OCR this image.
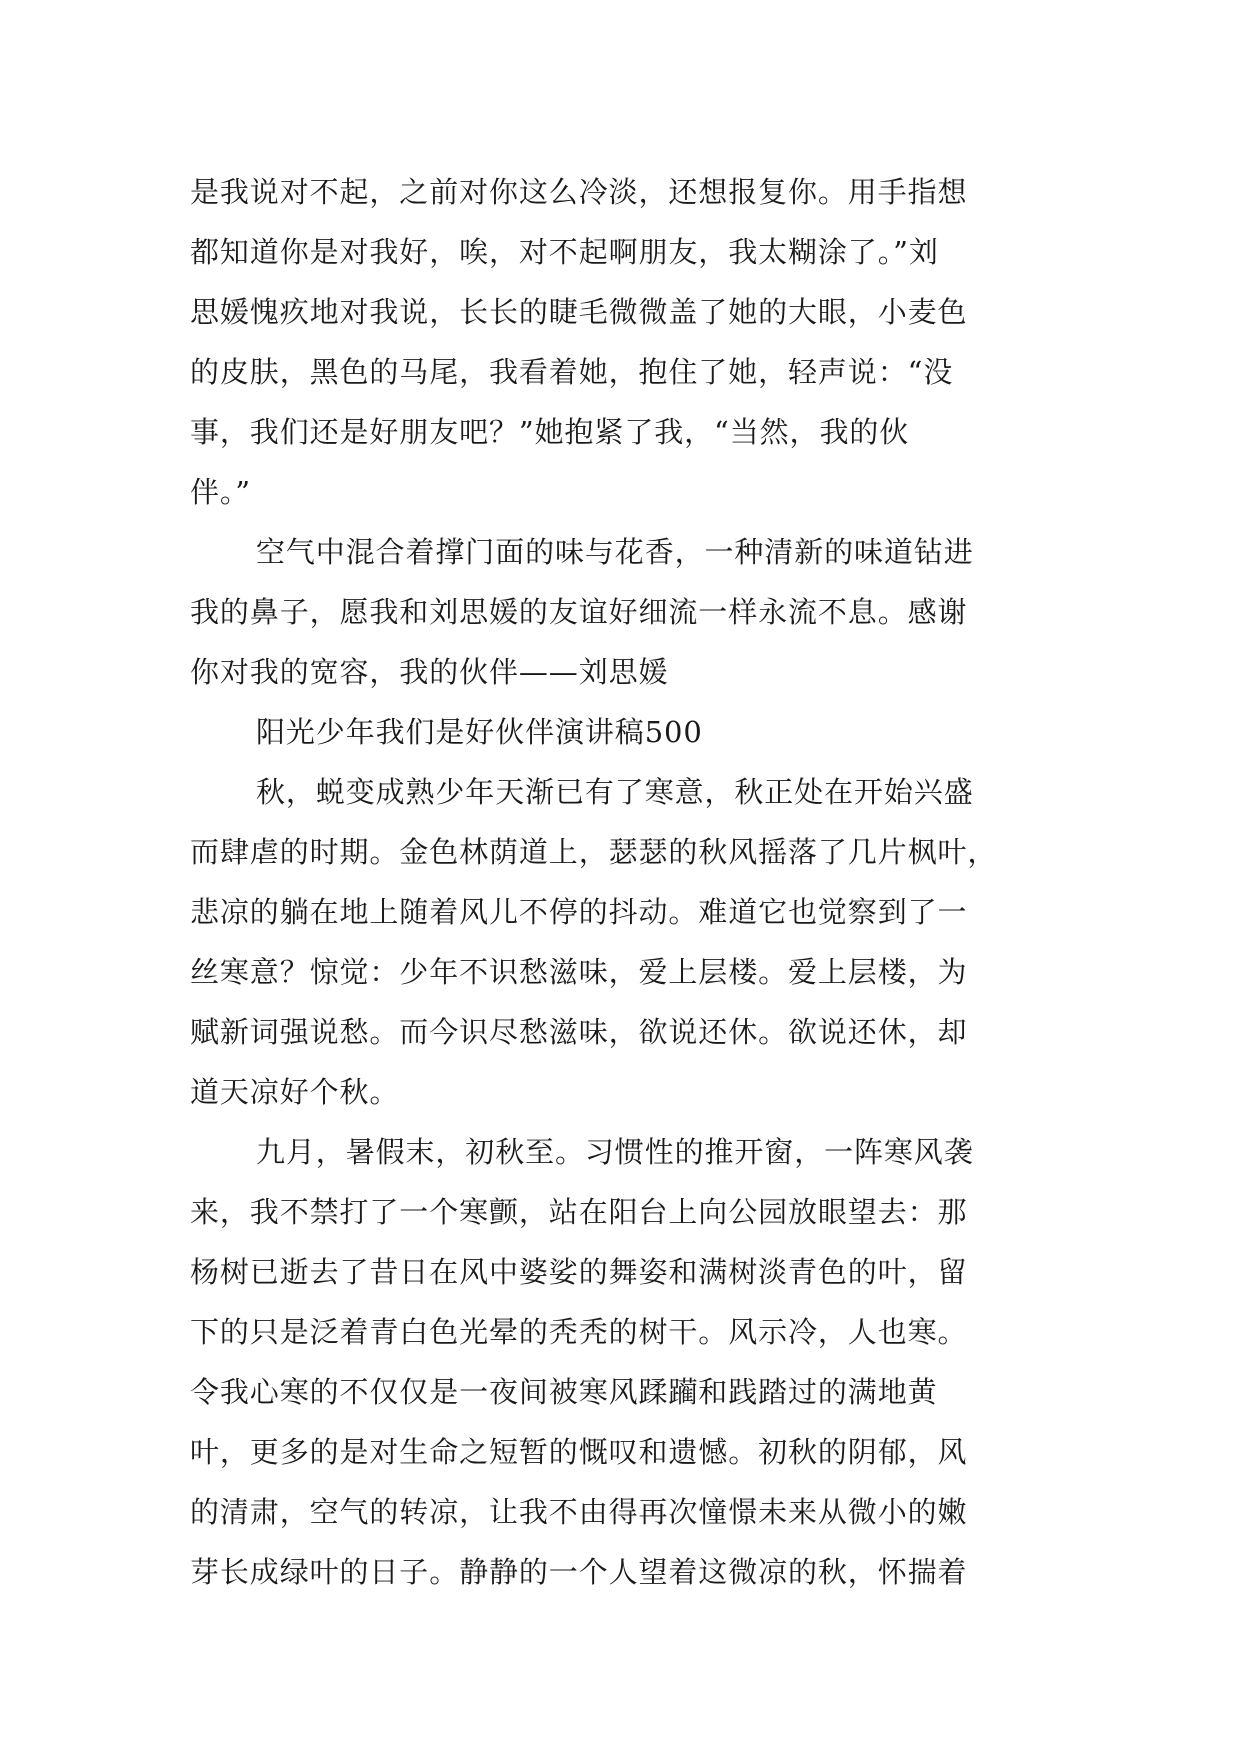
是我说对不起，之前对你这么冷淡，还想报复你。用手指想
都知道你是对我好，唉，对不起啊朋友，我太糊涂了。”刘
思媛愧疚地对我说，长长的睫毛微微盖了她的大眼，小麦色
的皮肤，黑色的马尾，我看着她，抱住了她，轻声说：“没
事，我们还是好朋友吧？”她抱紧了我，“当然，我的伙
伴。”
空气中混合着撑门面的味与花香，一种清新的味道钻进
我的鼻子，愿我和刘思媛的友谊好细流一样永流不息。感谢
你对我的宽容，我的伙伴——刘思媛
阳光少年我们是好伙伴演讲稿500
秋，蜕变成熟少年天渐已有了寒意，秋正处在开始兴盛
而肆虐的时期。金色林荫道上，瑟瑟的秋风摇落了几片枫叶，
悲凉的躺在地上随着风儿不停的抖动。难道它也觉察到了一
丝寒意？惊觉：少年不识愁滋味，爱上层楼。爱上层楼，为
赋新词强说愁。而今识尽愁滋味，欲说还休。欲说还休，却
道天凉好个秋。
九月，暑假末，初秋至。习惯性的推开窗，一阵寒风袭
来，我不禁打了一个寒颤，站在阳台上向公园放眼望去：那
杨树已逝去了昔日在风中婆娑的舞姿和满树淡青色的叶，留
下的只是泛着青白色光晕的秃秃的树干。风示冷，人也寒。
令我心寒的不仅仅是一夜间被寒风蹂躏和践踏过的满地黄
叶，更多的是对生命之短暂的慨叹和遗憾。初秋的阴郁，风
的清肃，空气的转凉，让我不由得再次憧憬未来从微小的嫩
芽长成绿叶的日子。静静的一个人望着这微凉的秋，怀揣着
